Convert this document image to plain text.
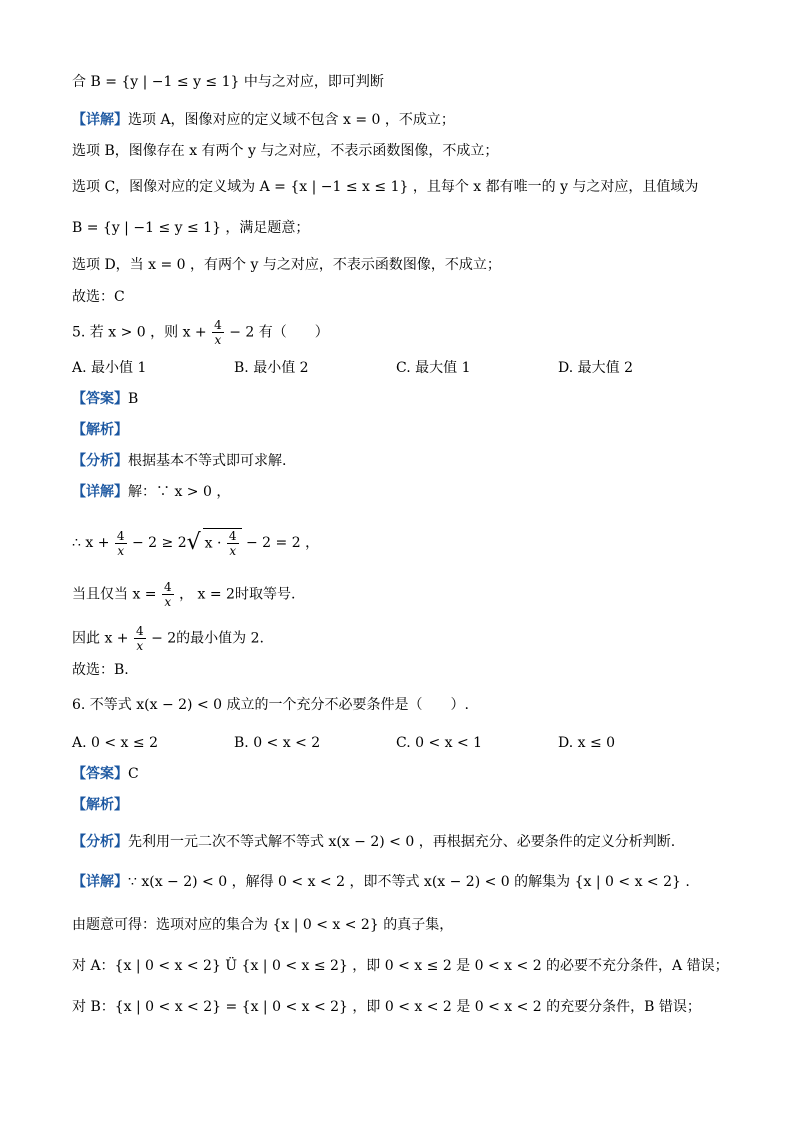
合 B = {y | −1 ≤ y ≤ 1} 中与之对应，即可判断
【详解】选项 A，图像对应的定义域不包含 x = 0 ，不成立；
选项 B，图像存在 x 有两个 y 与之对应，不表示函数图像，不成立；
选项 C，图像对应的定义域为 A = {x | −1 ≤ x ≤ 1} ，且每个 x 都有唯一的 y 与之对应，且值域为
B = {y | −1 ≤ y ≤ 1} ，满足题意；
选项 D，当 x = 0 ，有两个 y 与之对应，不表示函数图像，不成立；
故选：C
5. 若 x > 0 ，则 $x + \frac{4}{x} - 2$ 有（　　）
A. 最小值 1	B. 最小值 2	C. 最大值 1	D. 最大值 2
【答案】B
【解析】
【分析】根据基本不等式即可求解.
【详解】解：∵ x > 0 ，
∴ $x + \frac{4}{x} - 2 \ge 2√$ $x \cdot \frac{4}{x} - 2 = 2$ ，
当且仅当 $x = \frac{4}{x}$ ， x = 2时取等号.
因此 $x + \frac{4}{x} - 2$的最小值为 2.
故选：B.
6. 不等式 x(x − 2) < 0 成立的一个充分不必要条件是（　　）.
A. 0 < x ≤ 2	B. 0 < x < 2	C. 0 < x < 1	D. x ≤ 0
【答案】C
【解析】
【分析】先利用一元二次不等式解不等式 x(x − 2) < 0 ，再根据充分、必要条件的定义分析判断.
【详解】∵ x(x − 2) < 0 ，解得 0 < x < 2 ，即不等式 x(x − 2) < 0 的解集为 {x | 0 < x < 2} .
由题意可得：选项对应的集合为 {x | 0 < x < 2} 的真子集，
对 A：{x | 0 < x < 2} Ü {x | 0 < x ≤ 2} ，即 0 < x ≤ 2 是 0 < x < 2 的必要不充分条件，A 错误；
对 B：{x | 0 < x < 2} = {x | 0 < x < 2} ，即 0 < x < 2 是 0 < x < 2 的充要分条件，B 错误；
